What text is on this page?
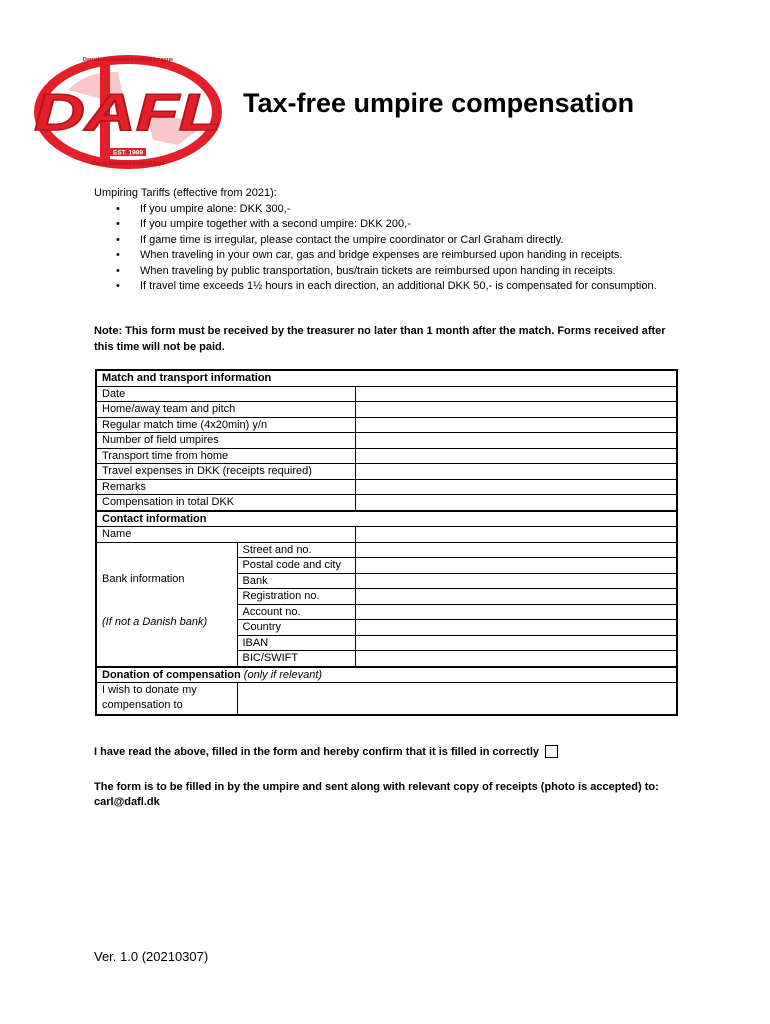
Danish Australian Football League
DAFL
EST. 1989
Dansk Australsk Fodbold Liga
Tax-free umpire compensation
Umpiring Tariffs (effective from 2021):
• If you umpire alone: DKK 300,-
• If you umpire together with a second umpire: DKK 200,-
• If game time is irregular, please contact the umpire coordinator or Carl Graham directly.
• When traveling in your own car, gas and bridge expenses are reimbursed upon handing in receipts.
• When traveling by public transportation, bus/train tickets are reimbursed upon handing in receipts.
• If travel time exceeds 1½ hours in each direction, an additional DKK 50,- is compensated for consumption.
Note: This form must be received by the treasurer no later than 1 month after the match. Forms received after this time will not be paid.
Match and transport information		
Date		
Home/away team and pitch		
Regular match time (4x20min) y/n		
Number of field umpires		
Transport time from home		
Travel expenses in DKK (receipts required)		
Remarks		
Compensation in total DKK		
Contact information		
Name		

Bank information
(If not a Danish bank)	Street and no.	
	Postal code and city	
	Bank	
	Registration no.	
	Account no.	
	Country	
	IBAN	
	BIC/SWIFT	
Donation of compensation (only if relevant)		

I wish to donate my
compensation to		

I have read the above, filled in the form and hereby confirm that it is filled in correctly
The form is to be filled in by the umpire and sent along with relevant copy of receipts (photo is accepted) to:
carl@dafl.dk
Ver. 1.0 (20210307)
